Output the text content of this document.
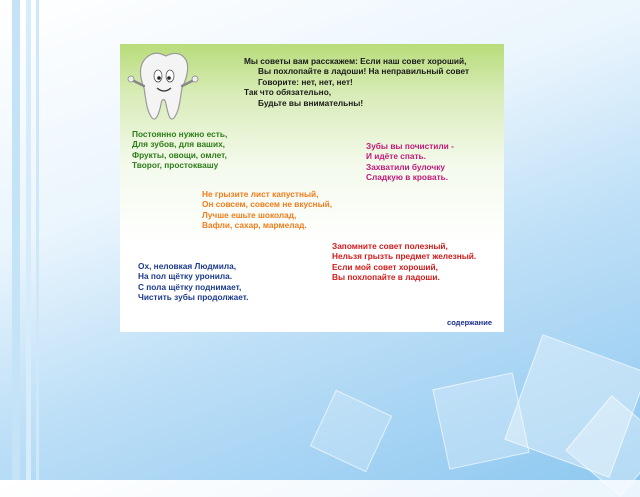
Мы советы вам расскажем: Если наш совет хороший,
Вы похлопайте в ладоши! На неправильный совет
Говорите: нет, нет, нет!
Так что обязательно,
Будьте вы внимательны!
Постоянно нужно есть,
Для зубов, для ваших,
Фрукты, овощи, омлет,
Творог, простоквашу
Зубы вы почистили -
И идёте спать.
Захватили булочку
Сладкую в кровать.
Не грызите лист капустный,
Он совсем, совсем не вкусный,
Лучше ешьте шоколад,
Вафли, сахар, мармелад.
Запомните совет полезный,
Нельзя грызть предмет железный.
Если мой совет хороший,
Вы похлопайте в ладоши.
Ох, неловкая Людмила,
На пол щётку уронила.
С пола щётку поднимает,
Чистить зубы продолжает.
содержание
